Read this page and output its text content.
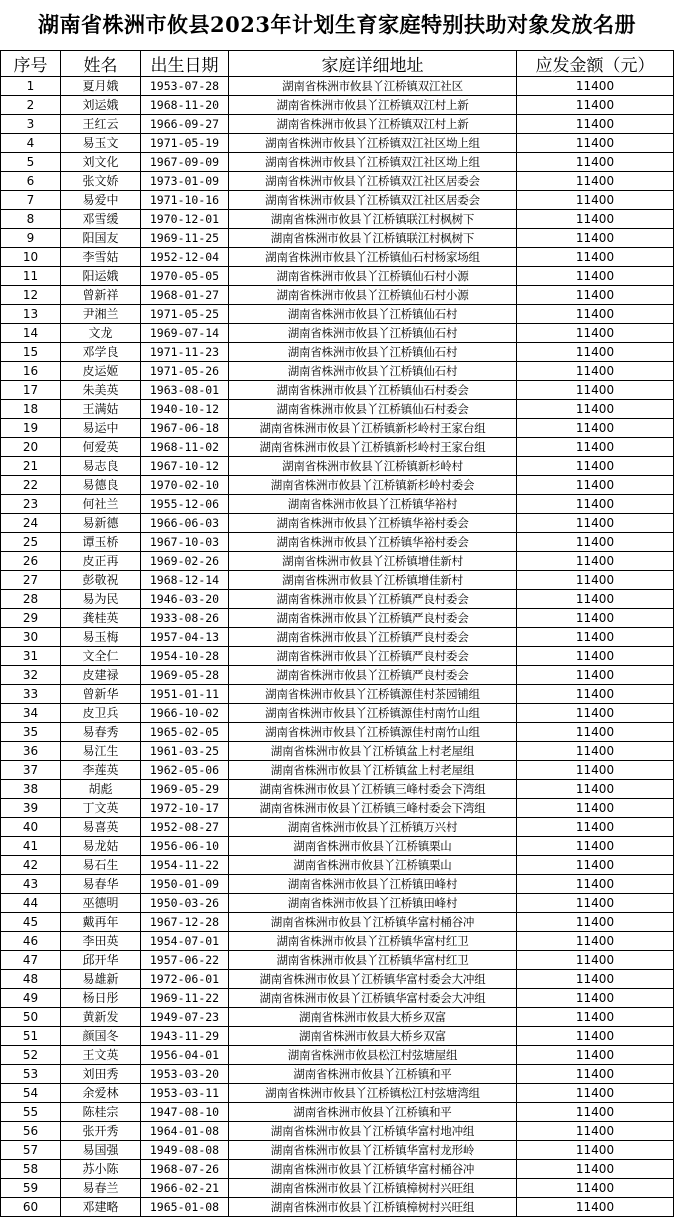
湖南省株洲市攸县2023年计划生育家庭特别扶助对象发放名册
序号	姓名	出生日期	家庭详细地址	应发金额（元）
1	夏月娥	1953-07-28	湖南省株洲市攸县丫江桥镇双江社区	11400
2	刘运娥	1968-11-20	湖南省株洲市攸县丫江桥镇双江村上新	11400
3	王红云	1966-09-27	湖南省株洲市攸县丫江桥镇双江村上新	11400
4	易玉文	1971-05-19	湖南省株洲市攸县丫江桥镇双江社区坳上组	11400
5	刘文化	1967-09-09	湖南省株洲市攸县丫江桥镇双江社区坳上组	11400
6	张文娇	1973-01-09	湖南省株洲市攸县丫江桥镇双江社区居委会	11400
7	易爱中	1971-10-16	湖南省株洲市攸县丫江桥镇双江社区居委会	11400
8	邓雪缓	1970-12-01	湖南省株洲市攸县丫江桥镇联江村枫树下	11400
9	阳国友	1969-11-25	湖南省株洲市攸县丫江桥镇联江村枫树下	11400
10	李雪姑	1952-12-04	湖南省株洲市攸县丫江桥镇仙石村杨家场组	11400
11	阳运娥	1970-05-05	湖南省株洲市攸县丫江桥镇仙石村小源	11400
12	曾新祥	1968-01-27	湖南省株洲市攸县丫江桥镇仙石村小源	11400
13	尹湘兰	1971-05-25	湖南省株洲市攸县丫江桥镇仙石村	11400
14	文龙	1969-07-14	湖南省株洲市攸县丫江桥镇仙石村	11400
15	邓学良	1971-11-23	湖南省株洲市攸县丫江桥镇仙石村	11400
16	皮运姬	1971-05-26	湖南省株洲市攸县丫江桥镇仙石村	11400
17	朱美英	1963-08-01	湖南省株洲市攸县丫江桥镇仙石村委会	11400
18	王满姑	1940-10-12	湖南省株洲市攸县丫江桥镇仙石村委会	11400
19	易运中	1967-06-18	湖南省株洲市攸县丫江桥镇新杉岭村王家台组	11400
20	何爱英	1968-11-02	湖南省株洲市攸县丫江桥镇新杉岭村王家台组	11400
21	易志良	1967-10-12	湖南省株洲市攸县丫江桥镇新杉岭村	11400
22	易德良	1970-02-10	湖南省株洲市攸县丫江桥镇新杉岭村委会	11400
23	何社兰	1955-12-06	湖南省株洲市攸县丫江桥镇华裕村	11400
24	易新德	1966-06-03	湖南省株洲市攸县丫江桥镇华裕村委会	11400
25	谭玉桥	1967-10-03	湖南省株洲市攸县丫江桥镇华裕村委会	11400
26	皮正再	1969-02-26	湖南省株洲市攸县丫江桥镇增佳新村	11400
27	彭敬祝	1968-12-14	湖南省株洲市攸县丫江桥镇增佳新村	11400
28	易为民	1946-03-20	湖南省株洲市攸县丫江桥镇严良村委会	11400
29	龚桂英	1933-08-26	湖南省株洲市攸县丫江桥镇严良村委会	11400
30	易玉梅	1957-04-13	湖南省株洲市攸县丫江桥镇严良村委会	11400
31	文全仁	1954-10-28	湖南省株洲市攸县丫江桥镇严良村委会	11400
32	皮建禄	1969-05-28	湖南省株洲市攸县丫江桥镇严良村委会	11400
33	曾新华	1951-01-11	湖南省株洲市攸县丫江桥镇源佳村茶园铺组	11400
34	皮卫兵	1966-10-02	湖南省株洲市攸县丫江桥镇源佳村南竹山组	11400
35	易春秀	1965-02-05	湖南省株洲市攸县丫江桥镇源佳村南竹山组	11400
36	易江生	1961-03-25	湖南省株洲市攸县丫江桥镇盆上村老屋组	11400
37	李莲英	1962-05-06	湖南省株洲市攸县丫江桥镇盆上村老屋组	11400
38	胡彪	1969-05-29	湖南省株洲市攸县丫江桥镇三峰村委会下湾组	11400
39	丁文英	1972-10-17	湖南省株洲市攸县丫江桥镇三峰村委会下湾组	11400
40	易喜英	1952-08-27	湖南省株洲市攸县丫江桥镇万兴村	11400
41	易龙姑	1956-06-10	湖南省株洲市攸县丫江桥镇栗山	11400
42	易石生	1954-11-22	湖南省株洲市攸县丫江桥镇栗山	11400
43	易春华	1950-01-09	湖南省株洲市攸县丫江桥镇田峰村	11400
44	巫德明	1950-03-26	湖南省株洲市攸县丫江桥镇田峰村	11400
45	戴再年	1967-12-28	湖南省株洲市攸县丫江桥镇华富村桶谷冲	11400
46	李田英	1954-07-01	湖南省株洲市攸县丫江桥镇华富村红卫	11400
47	邱开华	1957-06-22	湖南省株洲市攸县丫江桥镇华富村红卫	11400
48	易雄新	1972-06-01	湖南省株洲市攸县丫江桥镇华富村委会大冲组	11400
49	杨日彤	1969-11-22	湖南省株洲市攸县丫江桥镇华富村委会大冲组	11400
50	黄新发	1949-07-23	湖南省株洲市攸县大桥乡双富	11400
51	颜国冬	1943-11-29	湖南省株洲市攸县大桥乡双富	11400
52	王文英	1956-04-01	湖南省株洲市攸县松江村弦塘屋组	11400
53	刘田秀	1953-03-20	湖南省株洲市攸县丫江桥镇和平	11400
54	余爱林	1953-03-11	湖南省株洲市攸县丫江桥镇松江村弦塘湾组	11400
55	陈桂宗	1947-08-10	湖南省株洲市攸县丫江桥镇和平	11400
56	张开秀	1964-01-08	湖南省株洲市攸县丫江桥镇华富村地冲组	11400
57	易国强	1949-08-08	湖南省株洲市攸县丫江桥镇华富村龙形岭	11400
58	苏小陈	1968-07-26	湖南省株洲市攸县丫江桥镇华富村桶谷冲	11400
59	易春兰	1966-02-21	湖南省株洲市攸县丫江桥镇樟树村兴旺组	11400
60	邓建略	1965-01-08	湖南省株洲市攸县丫江桥镇樟树村兴旺组	11400
